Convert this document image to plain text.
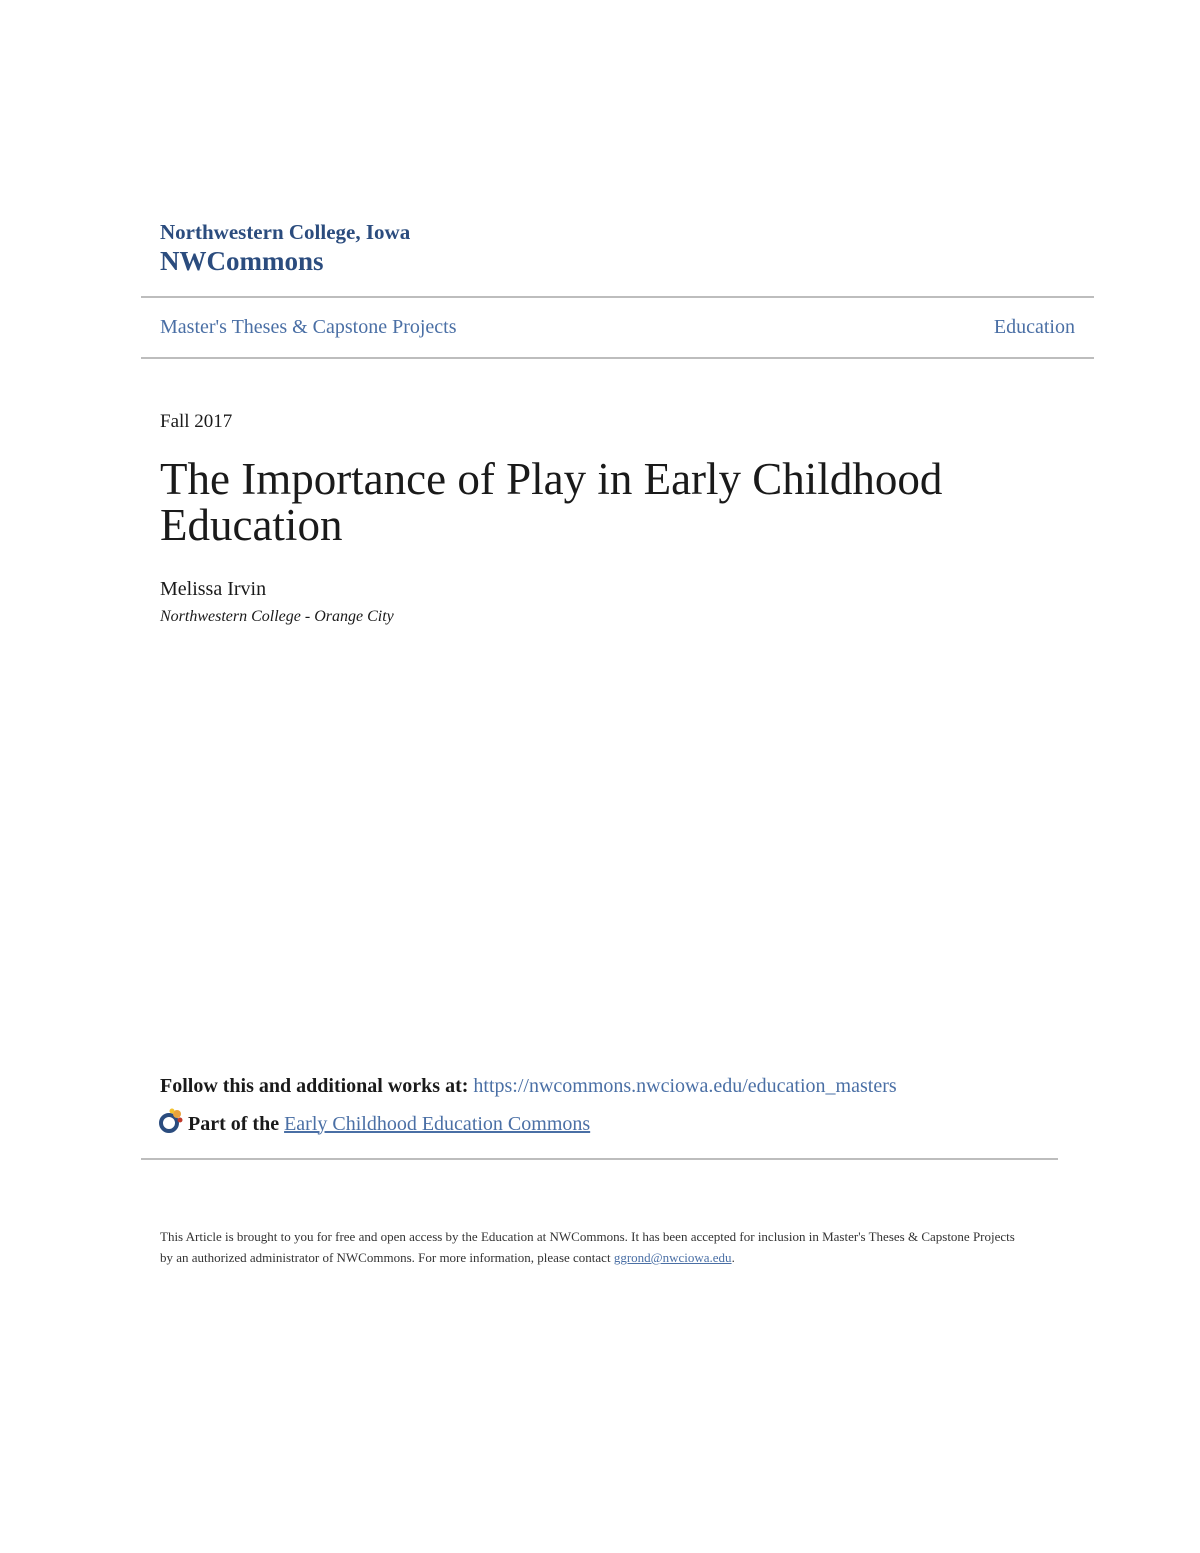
Northwestern College, Iowa
NWCommons
Master's Theses & Capstone Projects	Education
Fall 2017
The Importance of Play in Early Childhood Education
Melissa Irvin
Northwestern College - Orange City
Follow this and additional works at: https://nwcommons.nwciowa.edu/education_masters
Part of the Early Childhood Education Commons
This Article is brought to you for free and open access by the Education at NWCommons. It has been accepted for inclusion in Master's Theses & Capstone Projects by an authorized administrator of NWCommons. For more information, please contact ggrond@nwciowa.edu.
